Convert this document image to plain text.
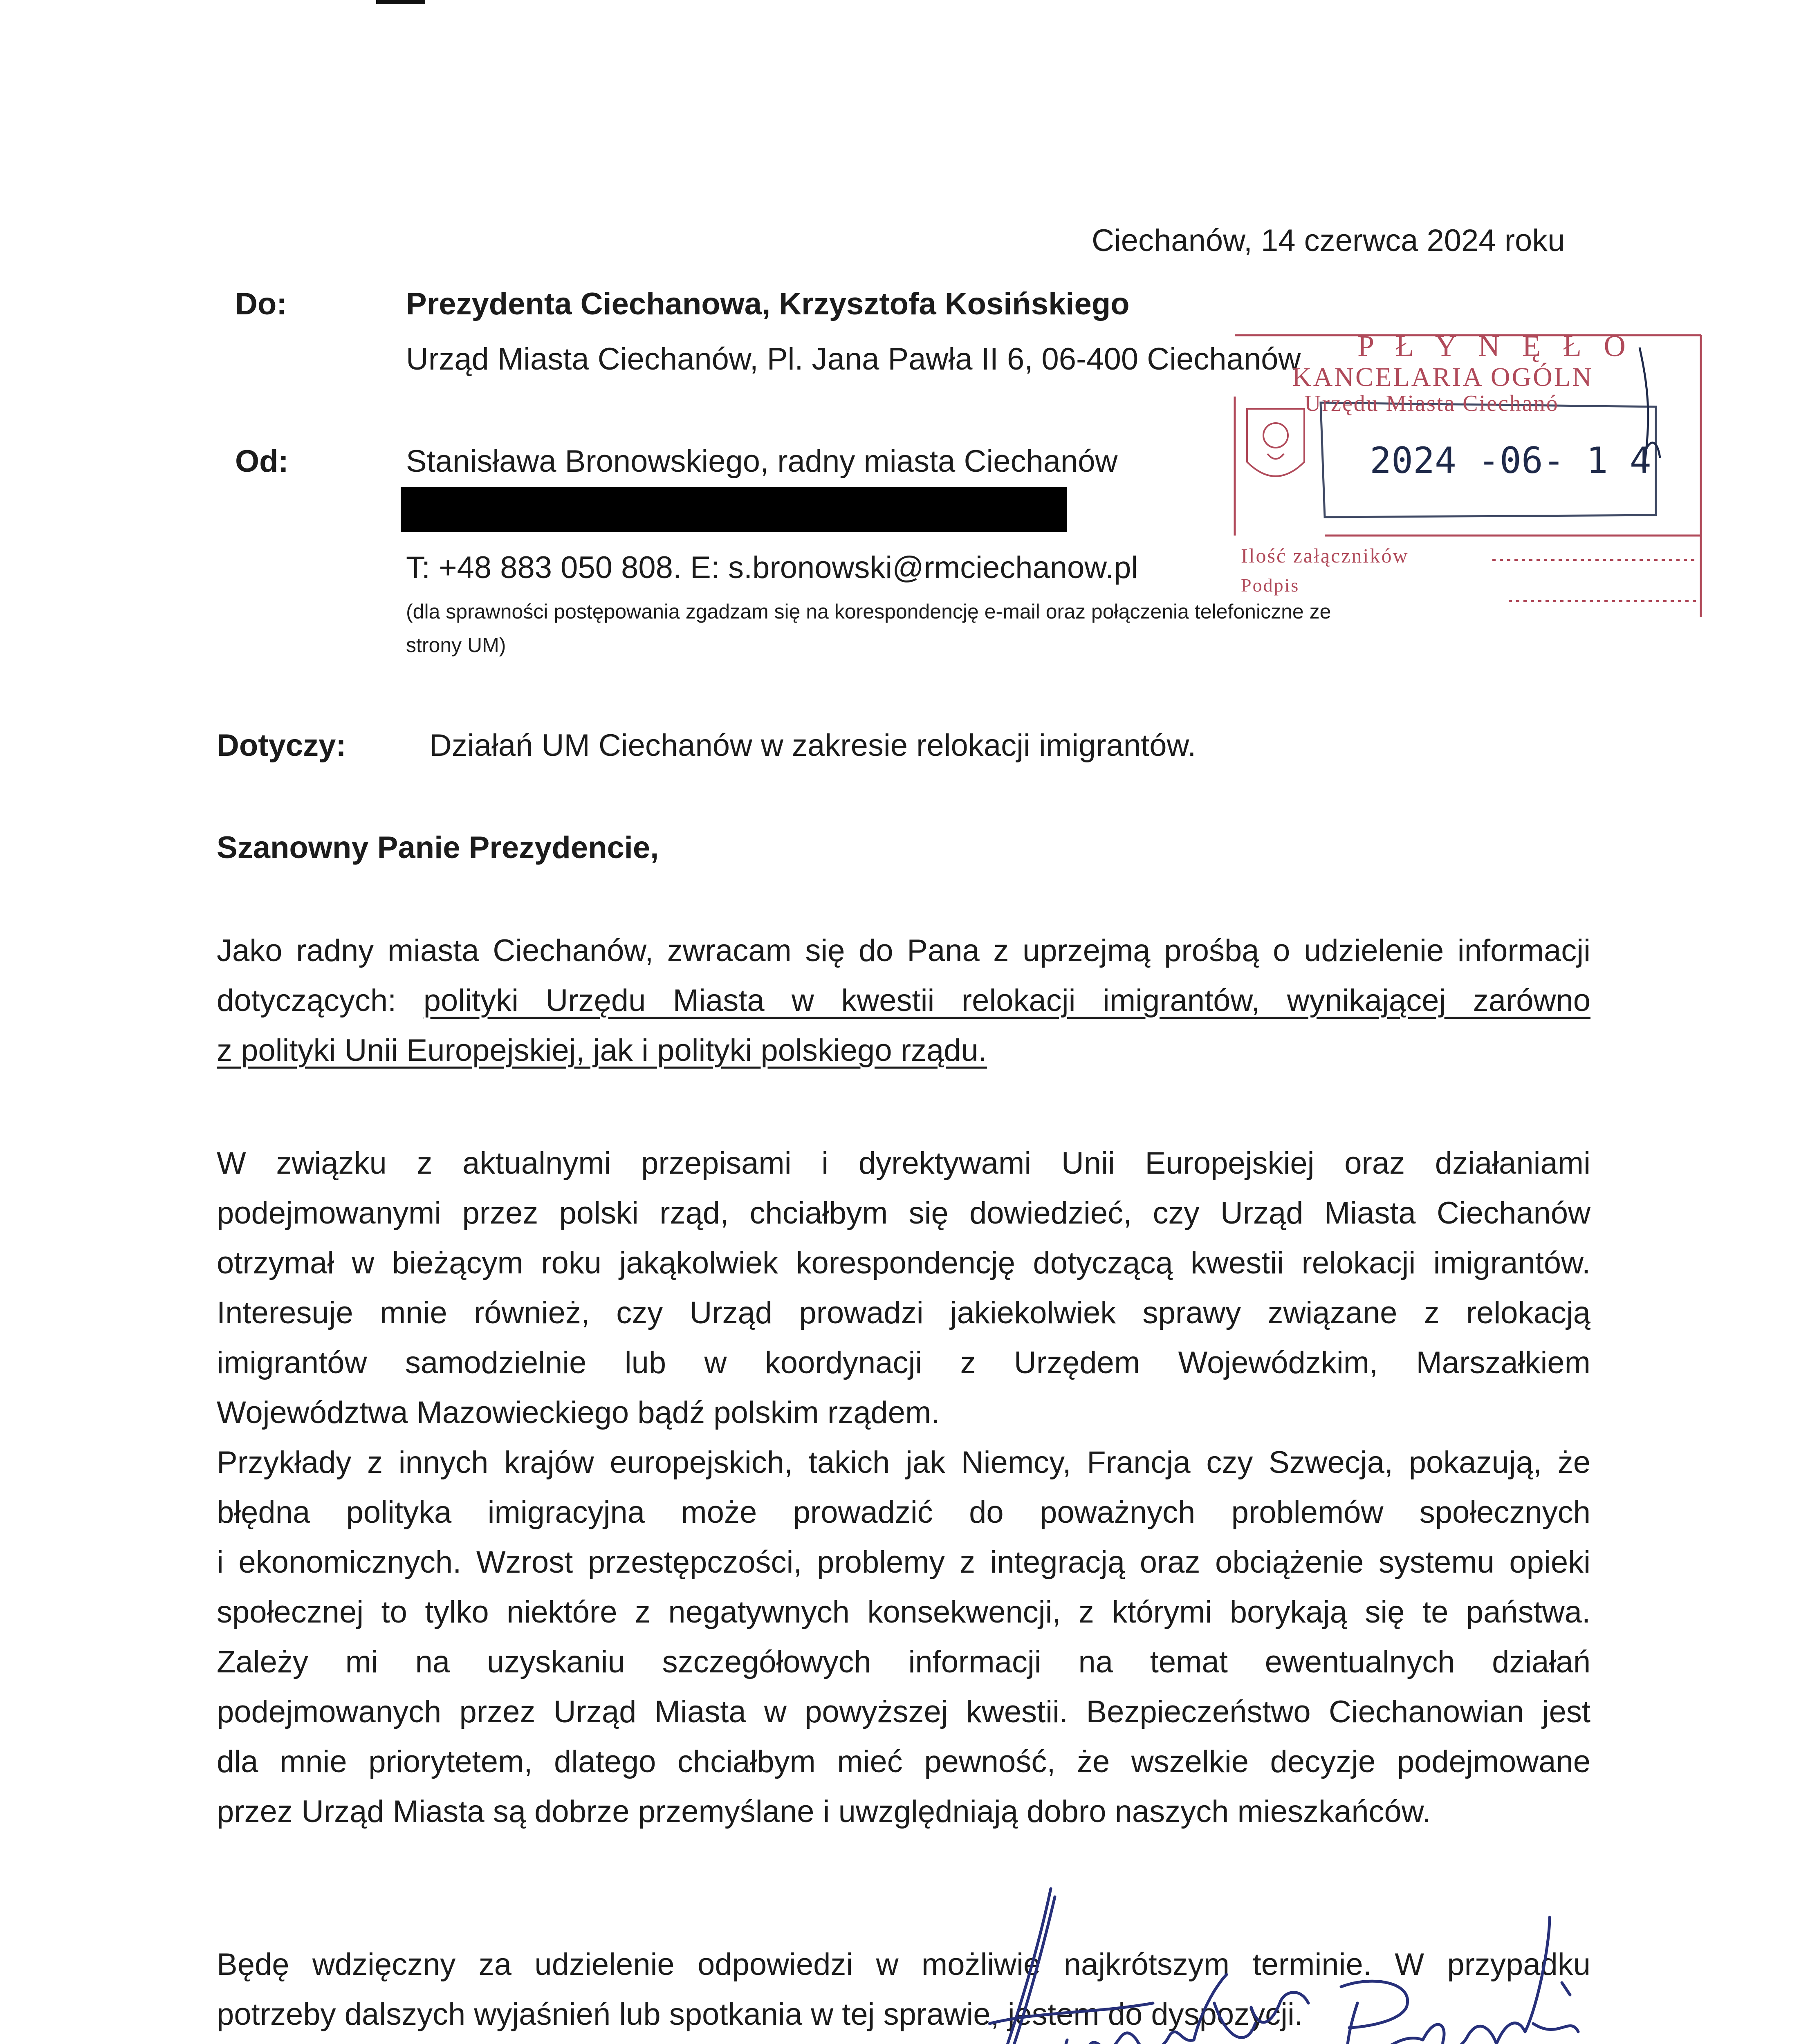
Ciechanów, 14 czerwca 2024 roku
Do:	Prezydenta Ciechanowa, Krzysztofa Kosińskiego
Urząd Miasta Ciechanów, Pl. Jana Pawła II 6, 06-400 Ciechanów
Od:	Stanisława Bronowskiego, radny miasta Ciechanów
T: +48 883 050 808. E: s.bronowski@rmciechanow.pl
(dla sprawności postępowania zgadzam się na korespondencję e-mail oraz połączenia telefoniczne ze
strony UM)
Dotyczy:	Działań UM Ciechanów w zakresie relokacji imigrantów.
P Ł Y N Ę Ł O
KANCELARIA OGÓLN
Urzędu Miasta Ciechanó
2024 -06- 1 4
Ilość załączników
Podpis
Szanowny Panie Prezydencie,

Jako radny miasta Ciechanów, zwracam się do Pana z uprzejmą prośbą o udzielenie informacji

dotyczących: polityki Urzędu Miasta w kwestii relokacji imigrantów, wynikającej zarówno

z polityki Unii Europejskiej, jak i polityki polskiego rządu.

W związku z aktualnymi przepisami i dyrektywami Unii Europejskiej oraz działaniami

podejmowanymi przez polski rząd, chciałbym się dowiedzieć, czy Urząd Miasta Ciechanów

otrzymał w bieżącym roku jakąkolwiek korespondencję dotyczącą kwestii relokacji imigrantów.

Interesuje mnie również, czy Urząd prowadzi jakiekolwiek sprawy związane z relokacją

imigrantów samodzielnie lub w koordynacji z Urzędem Wojewódzkim, Marszałkiem

Województwa Mazowieckiego bądź polskim rządem.

Przykłady z innych krajów europejskich, takich jak Niemcy, Francja czy Szwecja, pokazują, że

błędna polityka imigracyjna może prowadzić do poważnych problemów społecznych

i ekonomicznych. Wzrost przestępczości, problemy z integracją oraz obciążenie systemu opieki

społecznej to tylko niektóre z negatywnych konsekwencji, z którymi borykają się te państwa.

Zależy mi na uzyskaniu szczegółowych informacji na temat ewentualnych działań

podejmowanych przez Urząd Miasta w powyższej kwestii. Bezpieczeństwo Ciechanowian jest

dla mnie priorytetem, dlatego chciałbym mieć pewność, że wszelkie decyzje podejmowane

przez Urząd Miasta są dobrze przemyślane i uwzględniają dobro naszych mieszkańców.

Będę wdzięczny za udzielenie odpowiedzi w możliwie najkrótszym terminie. W przypadku

potrzeby dalszych wyjaśnień lub spotkania w tej sprawie, jestem do dyspozycji.
